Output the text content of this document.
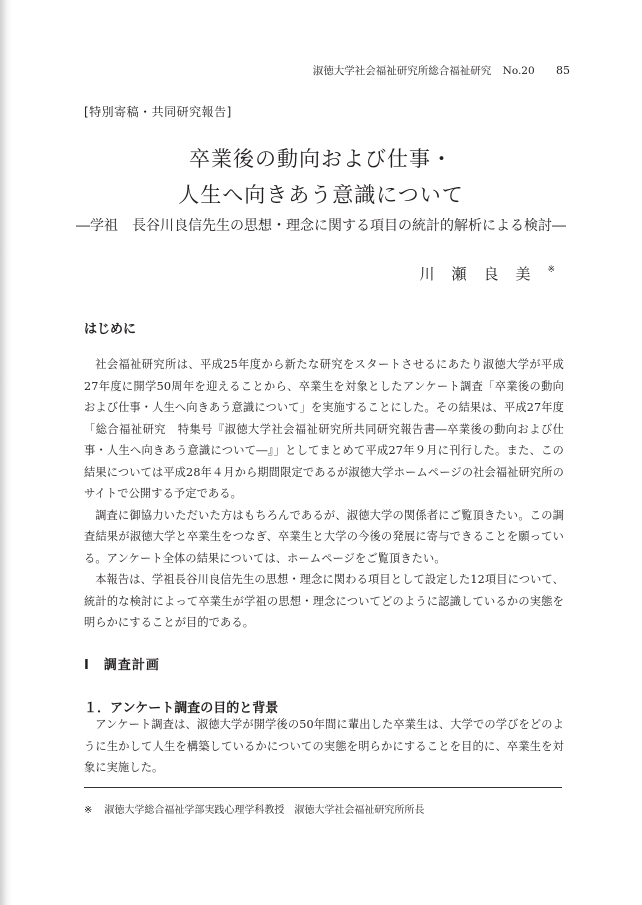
淑徳大学社会福祉研究所総合福祉研究 No.20 85
[特別寄稿・共同研究報告]
卒業後の動向および仕事・
人生へ向きあう意識について
―学祖　長谷川良信先生の思想・理念に関する項目の統計的解析による検討―
川瀬良美※
はじめに

社会福祉研究所は、平成25年度から新たな研究をスタートさせるにあたり淑徳大学が平成27年度に開学50周年を迎えることから、卒業生を対象としたアンケート調査「卒業後の動向および仕事・人生へ向きあう意識について」を実施することにした。その結果は、平成27年度「総合福祉研究　特集号『淑徳大学社会福祉研究所共同研究報告書―卒業後の動向および仕事・人生へ向きあう意識について―』」としてまとめて平成27年９月に刊行した。また、この結果については平成28年４月から期間限定であるが淑徳大学ホームページの社会福祉研究所のサイトで公開する予定である。

調査に御協力いただいた方はもちろんであるが、淑徳大学の関係者にご覧頂きたい。この調査結果が淑徳大学と卒業生をつなぎ、卒業生と大学の今後の発展に寄与できることを願っている。アンケート全体の結果については、ホームページをご覧頂きたい。

本報告は、学祖長谷川良信先生の思想・理念に関わる項目として設定した12項目について、統計的な検討によって卒業生が学祖の思想・理念についてどのように認識しているかの実態を明らかにすることが目的である。

Ⅰ　調査計画
１．アンケート調査の目的と背景

アンケート調査は、淑徳大学が開学後の50年間に輩出した卒業生は、大学での学びをどのように生かして人生を構築しているかについての実態を明らかにすることを目的に、卒業生を対象に実施した。

※ 淑徳大学総合福祉学部実践心理学科教授　淑徳大学社会福祉研究所所長
